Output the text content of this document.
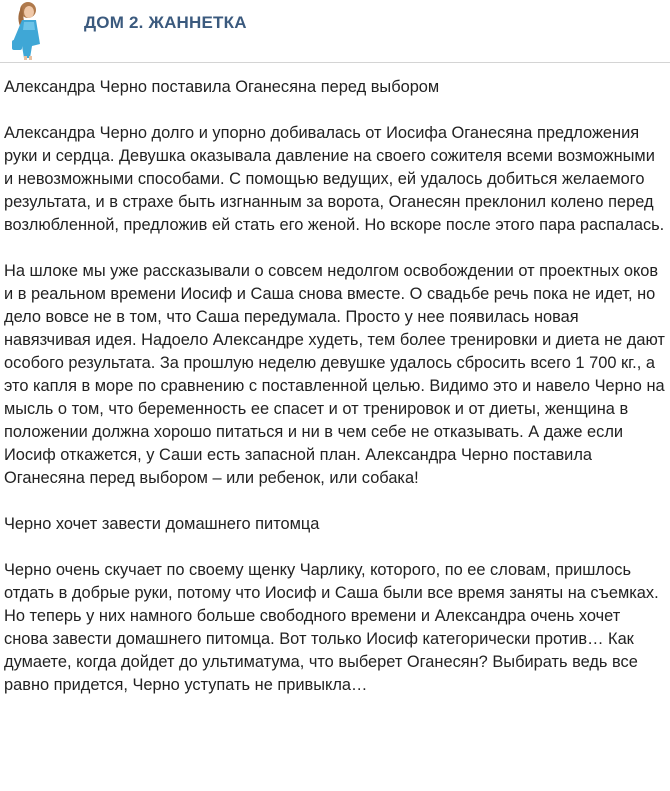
ДОМ 2. ЖАННЕТКА
Александра Черно поставила Оганесяна перед выбором
Александра Черно долго и упорно добивалась от Иосифа Оганесяна предложения руки и сердца. Девушка оказывала давление на своего сожителя всеми возможными и невозможными способами. С помощью ведущих, ей удалось добиться желаемого результата, и в страхе быть изгнанным за ворота, Оганесян преклонил колено перед возлюбленной, предложив ей стать его женой. Но вскоре после этого пара распалась.
На шлоке мы уже рассказывали о совсем недолгом освобождении от проектных оков и в реальном времени Иосиф и Саша снова вместе. О свадьбе речь пока не идет, но дело вовсе не в том, что Саша передумала. Просто у нее появилась новая навязчивая идея. Надоело Александре худеть, тем более тренировки и диета не дают особого результата. За прошлую неделю девушке удалось сбросить всего 1 700 кг., а это капля в море по сравнению с поставленной целью. Видимо это и навело Черно на мысль о том, что беременность ее спасет и от тренировок и от диеты, женщина в положении должна хорошо питаться и ни в чем себе не отказывать. А даже если Иосиф откажется, у Саши есть запасной план. Александра Черно поставила Оганесяна перед выбором – или ребенок, или собака!
Черно хочет завести домашнего питомца
Черно очень скучает по своему щенку Чарлику, которого, по ее словам, пришлось отдать в добрые руки, потому что Иосиф и Саша были все время заняты на съемках. Но теперь у них намного больше свободного времени и Александра очень хочет снова завести домашнего питомца. Вот только Иосиф категорически против… Как думаете, когда дойдет до ультиматума, что выберет Оганесян? Выбирать ведь все равно придется, Черно уступать не привыкла…
